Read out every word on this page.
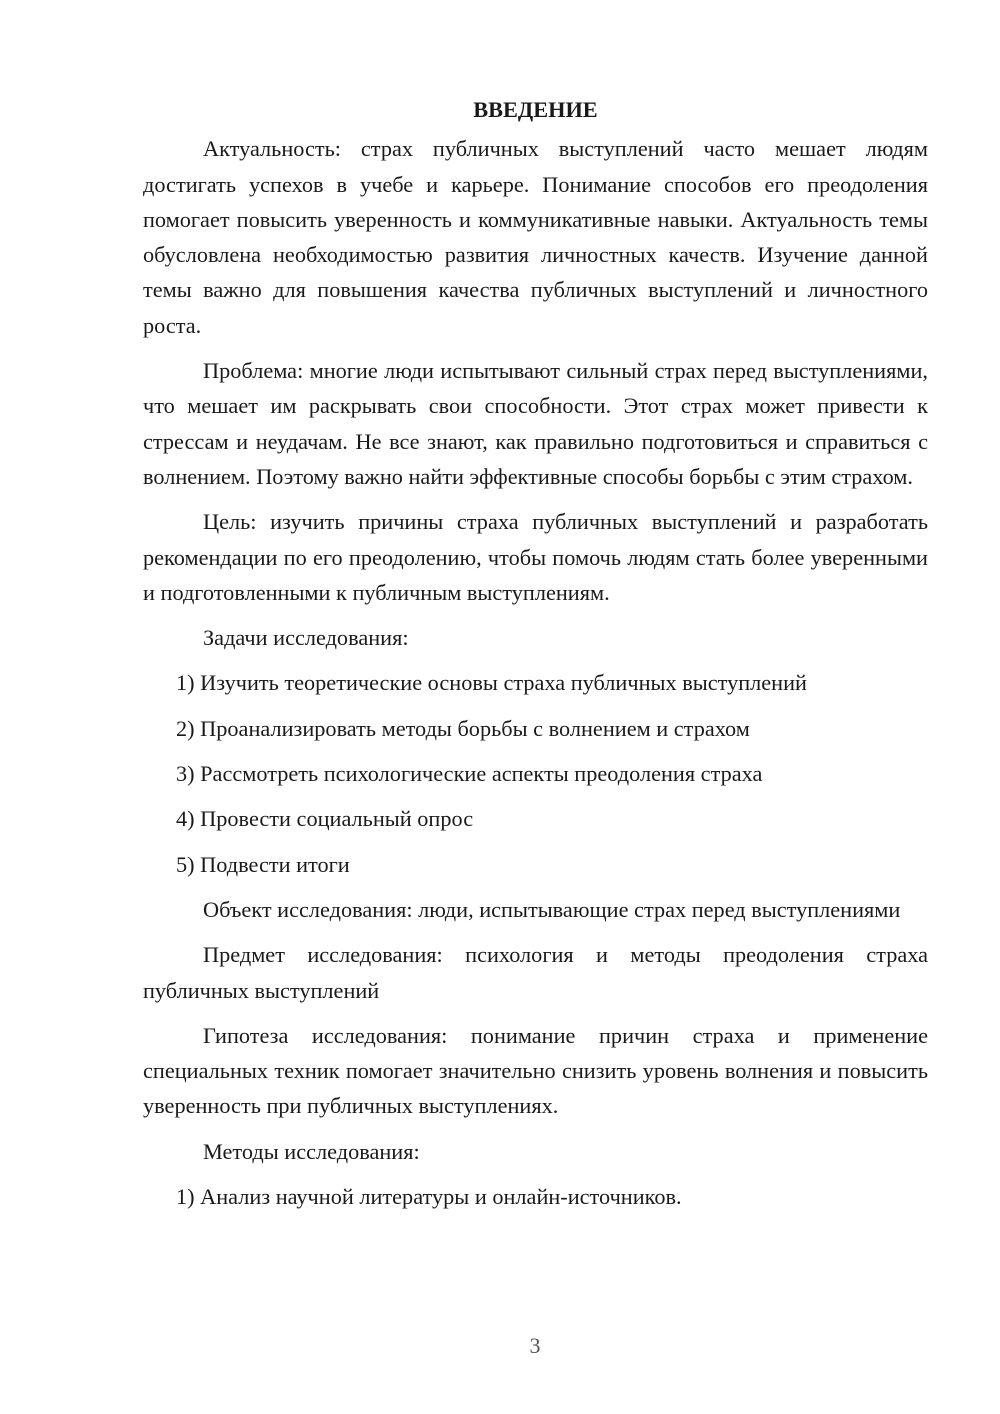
ВВЕДЕНИЕ

Актуальность: страх публичных выступлений часто мешает людям достигать успехов в учебе и карьере. Понимание способов его преодоления помогает повысить уверенность и коммуникативные навыки. Актуальность темы обусловлена необходимостью развития личностных качеств. Изучение данной темы важно для повышения качества публичных выступлений и личностного роста.

Проблема: многие люди испытывают сильный страх перед выступлениями, что мешает им раскрывать свои способности. Этот страх может привести к стрессам и неудачам. Не все знают, как правильно подготовиться и справиться с волнением. Поэтому важно найти эффективные способы борьбы с этим страхом.

Цель: изучить причины страха публичных выступлений и разработать рекомендации по его преодолению, чтобы помочь людям стать более уверенными и подготовленными к публичным выступлениям.

Задачи исследования:

1) Изучить теоретические основы страха публичных выступлений
2) Проанализировать методы борьбы с волнением и страхом
3) Рассмотреть психологические аспекты преодоления страха
4) Провести социальный опрос
5) Подвести итоги

Объект исследования: люди, испытывающие страх перед выступлениями

Предмет исследования: психология и методы преодоления страха публичных выступлений

Гипотеза исследования: понимание причин страха и применение специальных техник помогает значительно снизить уровень волнения и повысить уверенность при публичных выступлениях.

Методы исследования:

1) Анализ научной литературы и онлайн-источников.
3
